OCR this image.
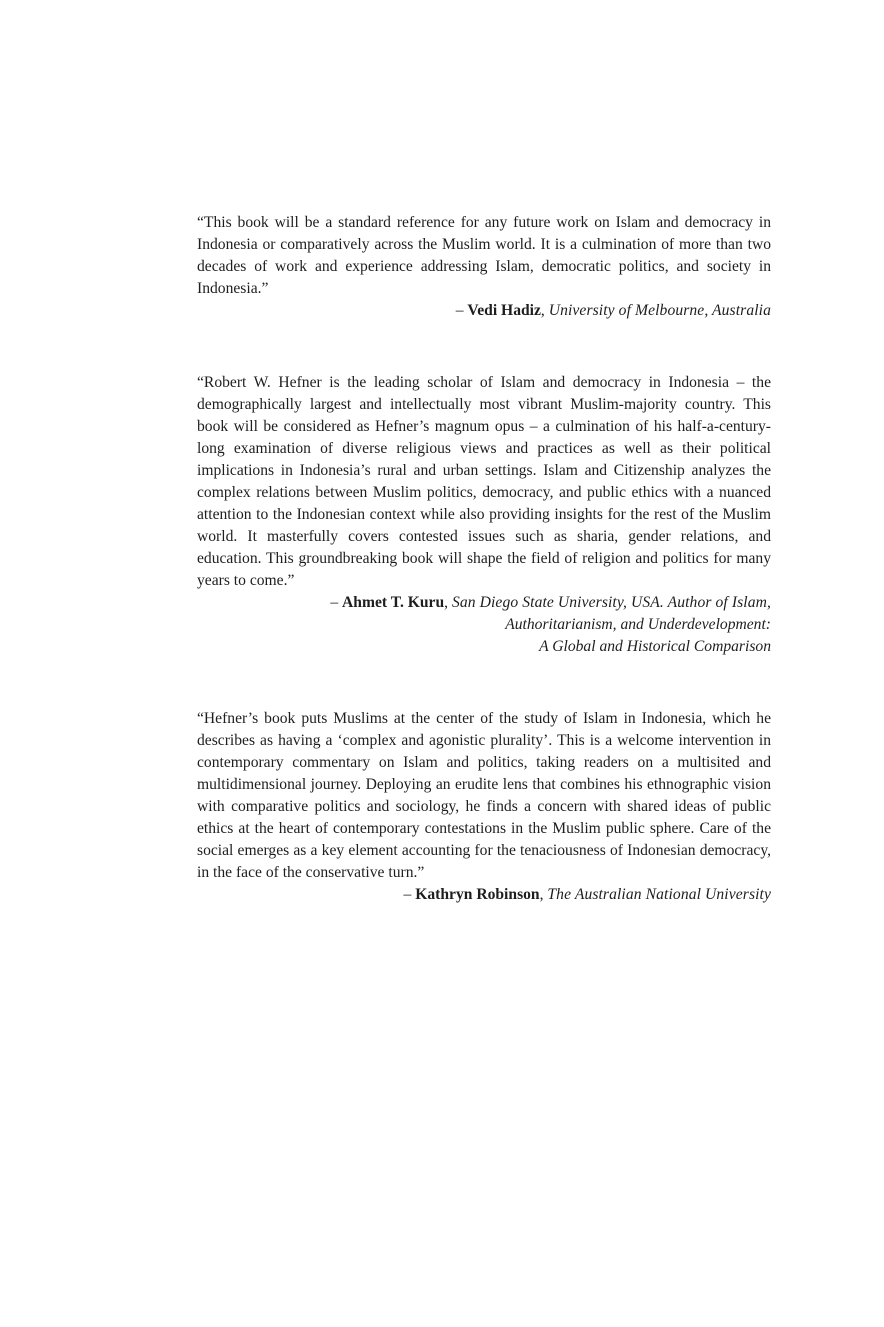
“This book will be a standard reference for any future work on Islam and democracy in Indonesia or comparatively across the Muslim world. It is a culmination of more than two decades of work and experience addressing Islam, democratic politics, and society in Indonesia.”

– Vedi Hadiz, University of Melbourne, Australia

“Robert W. Hefner is the leading scholar of Islam and democracy in Indonesia – the demographically largest and intellectually most vibrant Muslim-majority country. This book will be considered as Hefner’s magnum opus – a culmination of his half-a-century-long examination of diverse religious views and practices as well as their political implications in Indonesia’s rural and urban settings. Islam and Citizenship analyzes the complex relations between Muslim politics, democracy, and public ethics with a nuanced attention to the Indonesian context while also providing insights for the rest of the Muslim world. It masterfully covers contested issues such as sharia, gender relations, and education. This groundbreaking book will shape the field of religion and politics for many years to come.”

– Ahmet T. Kuru, San Diego State University, USA. Author of Islam,
Authoritarianism, and Underdevelopment:
A Global and Historical Comparison

“Hefner’s book puts Muslims at the center of the study of Islam in Indonesia, which he describes as having a ‘complex and agonistic plurality’. This is a welcome intervention in contemporary commentary on Islam and politics, taking readers on a multisited and multidimensional journey. Deploying an erudite lens that combines his ethnographic vision with comparative politics and sociology, he finds a concern with shared ideas of public ethics at the heart of contemporary contestations in the Muslim public sphere. Care of the social emerges as a key element accounting for the tenaciousness of Indonesian democracy, in the face of the conservative turn.”

– Kathryn Robinson, The Australian National University
